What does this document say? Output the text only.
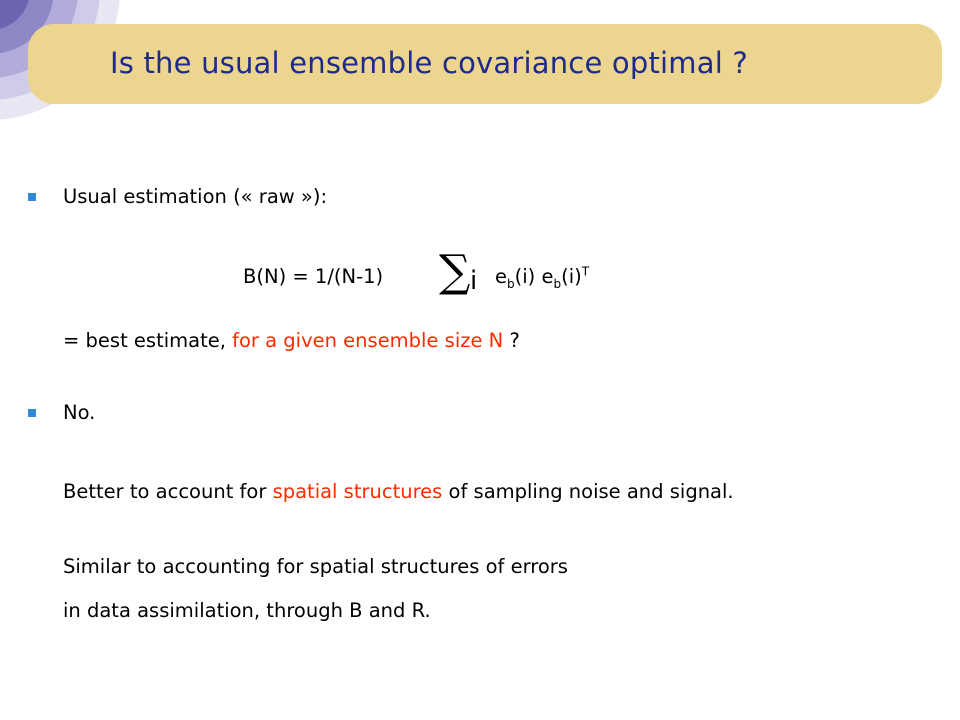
Is the usual ensemble covariance optimal ?
Usual estimation (« raw »):
B(N) = 1/(N-1) ∑ i $e_b(i)$ $e_b(i)^T$
= best estimate, for a given ensemble size N ?
No.
Better to account for spatial structures of sampling noise and signal.
Similar to accounting for spatial structures of errors
in data assimilation, through B and R.
